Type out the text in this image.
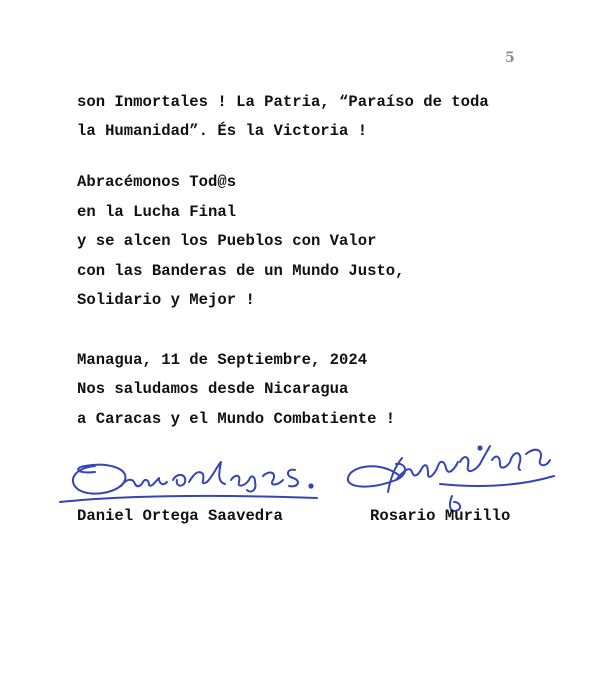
5
son Inmortales ! La Patria, “Paraíso de toda
la Humanidad”. És la Victoria !
Abracémonos Tod@s
en la Lucha Final
y se alcen los Pueblos con Valor
con las Banderas de un Mundo Justo,
Solidario y Mejor !
Managua, 11 de Septiembre, 2024
Nos saludamos desde Nicaragua
a Caracas y el Mundo Combatiente !
Daniel Ortega Saavedra	Rosario Murillo
